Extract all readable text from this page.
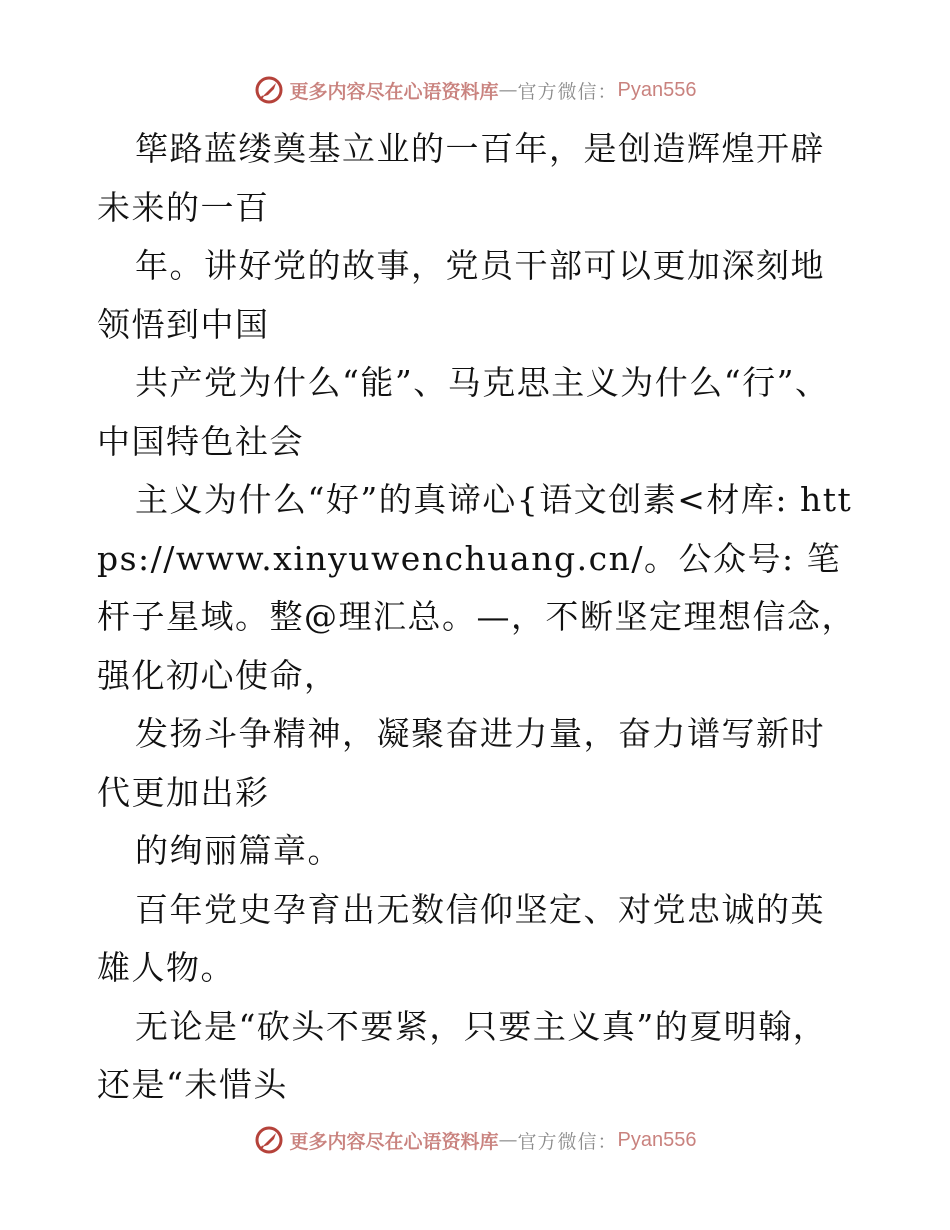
更多内容尽在心语资料库 — 官方微信： Pyan556

筚路蓝缕奠基立业的一百年，是创造辉煌开辟未来的一百

年。讲好党的故事，党员干部可以更加深刻地领悟到中国

共产党为什么“能”、马克思主义为什么“行”、中国特色社会

主义为什么“好”的真谛心{语文创素<材库: https://www.xinyuwenchuang.cn/。公众号: 笔杆子星域。整@理汇总。—，不断坚定理想信念，强化初心使命，

发扬斗争精神，凝聚奋进力量，奋力谱写新时代更加出彩

的绚丽篇章。

百年党史孕育出无数信仰坚定、对党忠诚的英雄人物。

无论是“砍头不要紧，只要主义真”的夏明翰，还是“未惜头

更多内容尽在心语资料库 — 官方微信： Pyan556
